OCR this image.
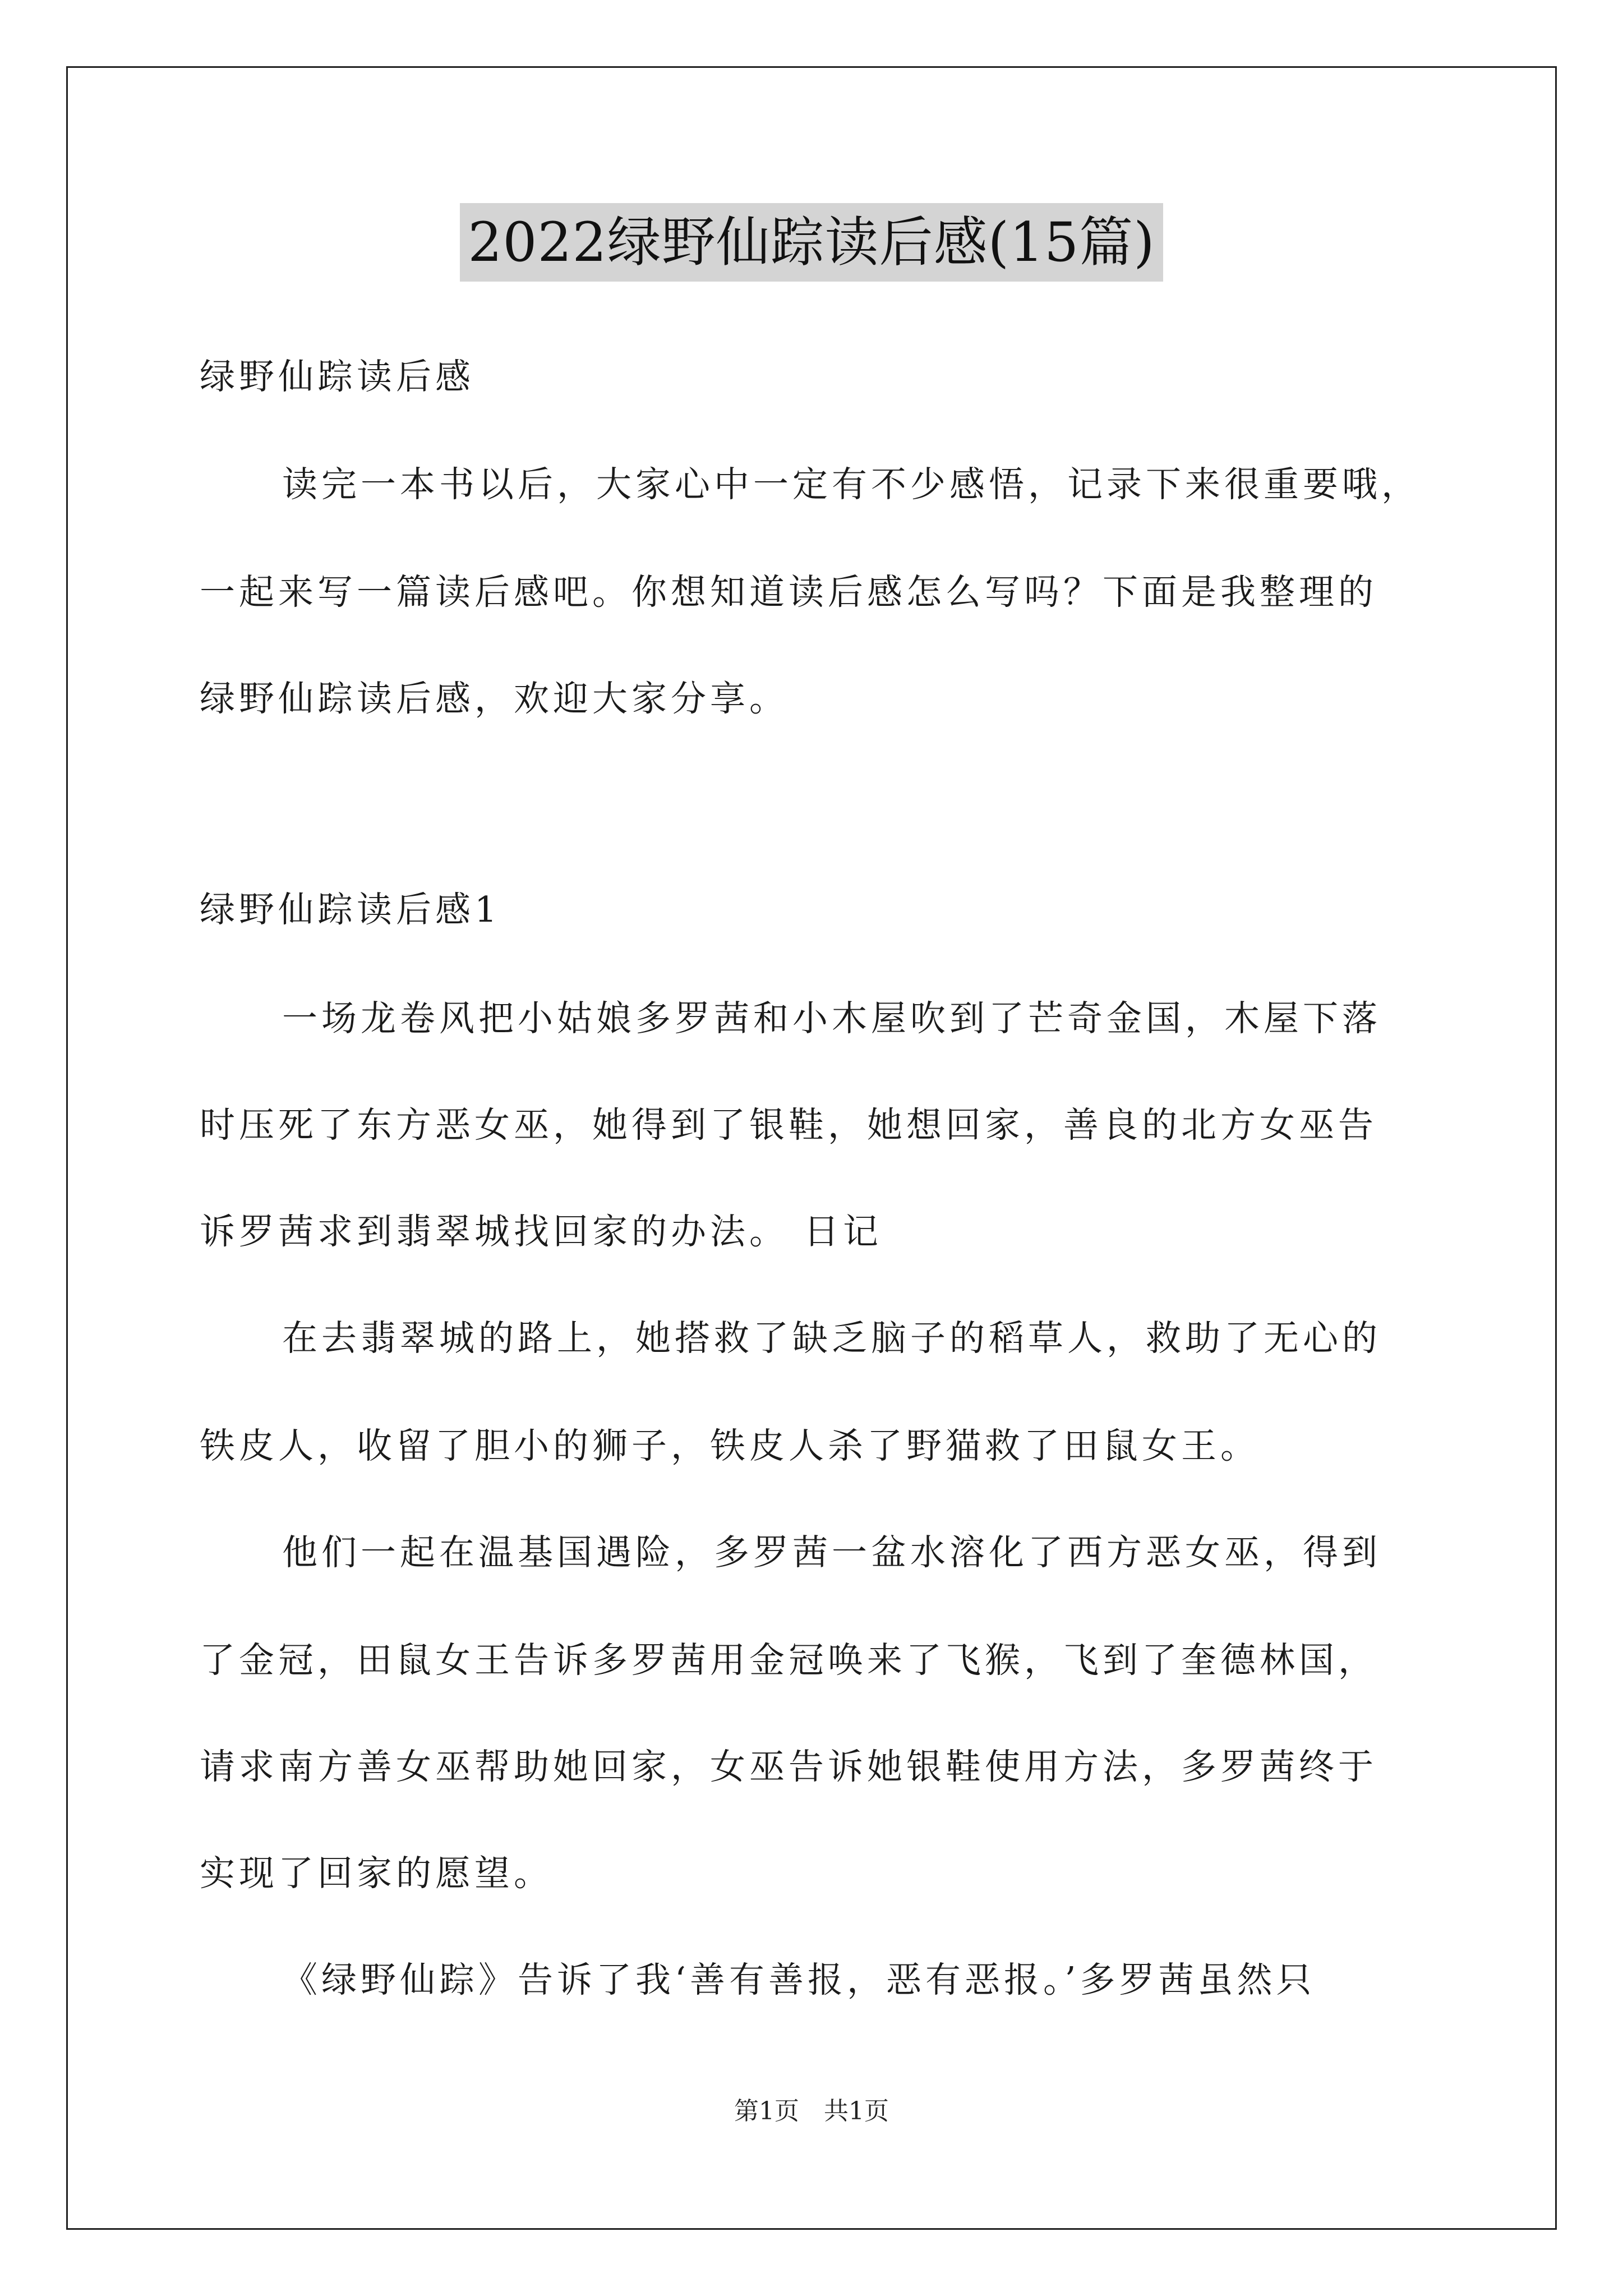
2022绿野仙踪读后感(15篇)
绿野仙踪读后感
读完一本书以后，大家心中一定有不少感悟，记录下来很重要哦，
一起来写一篇读后感吧。你想知道读后感怎么写吗？下面是我整理的
绿野仙踪读后感，欢迎大家分享。
绿野仙踪读后感1
一场龙卷风把小姑娘多罗茜和小木屋吹到了芒奇金国，木屋下落
时压死了东方恶女巫，她得到了银鞋，她想回家，善良的北方女巫告
诉罗茜求到翡翠城找回家的办法。 日记
在去翡翠城的路上，她搭救了缺乏脑子的稻草人，救助了无心的
铁皮人，收留了胆小的狮子，铁皮人杀了野猫救了田鼠女王。
他们一起在温基国遇险，多罗茜一盆水溶化了西方恶女巫，得到
了金冠，田鼠女王告诉多罗茜用金冠唤来了飞猴，飞到了奎德林国，
请求南方善女巫帮助她回家，女巫告诉她银鞋使用方法，多罗茜终于
实现了回家的愿望。
《绿野仙踪》告诉了我‘善有善报，恶有恶报。’多罗茜虽然只
第1页　共1页
